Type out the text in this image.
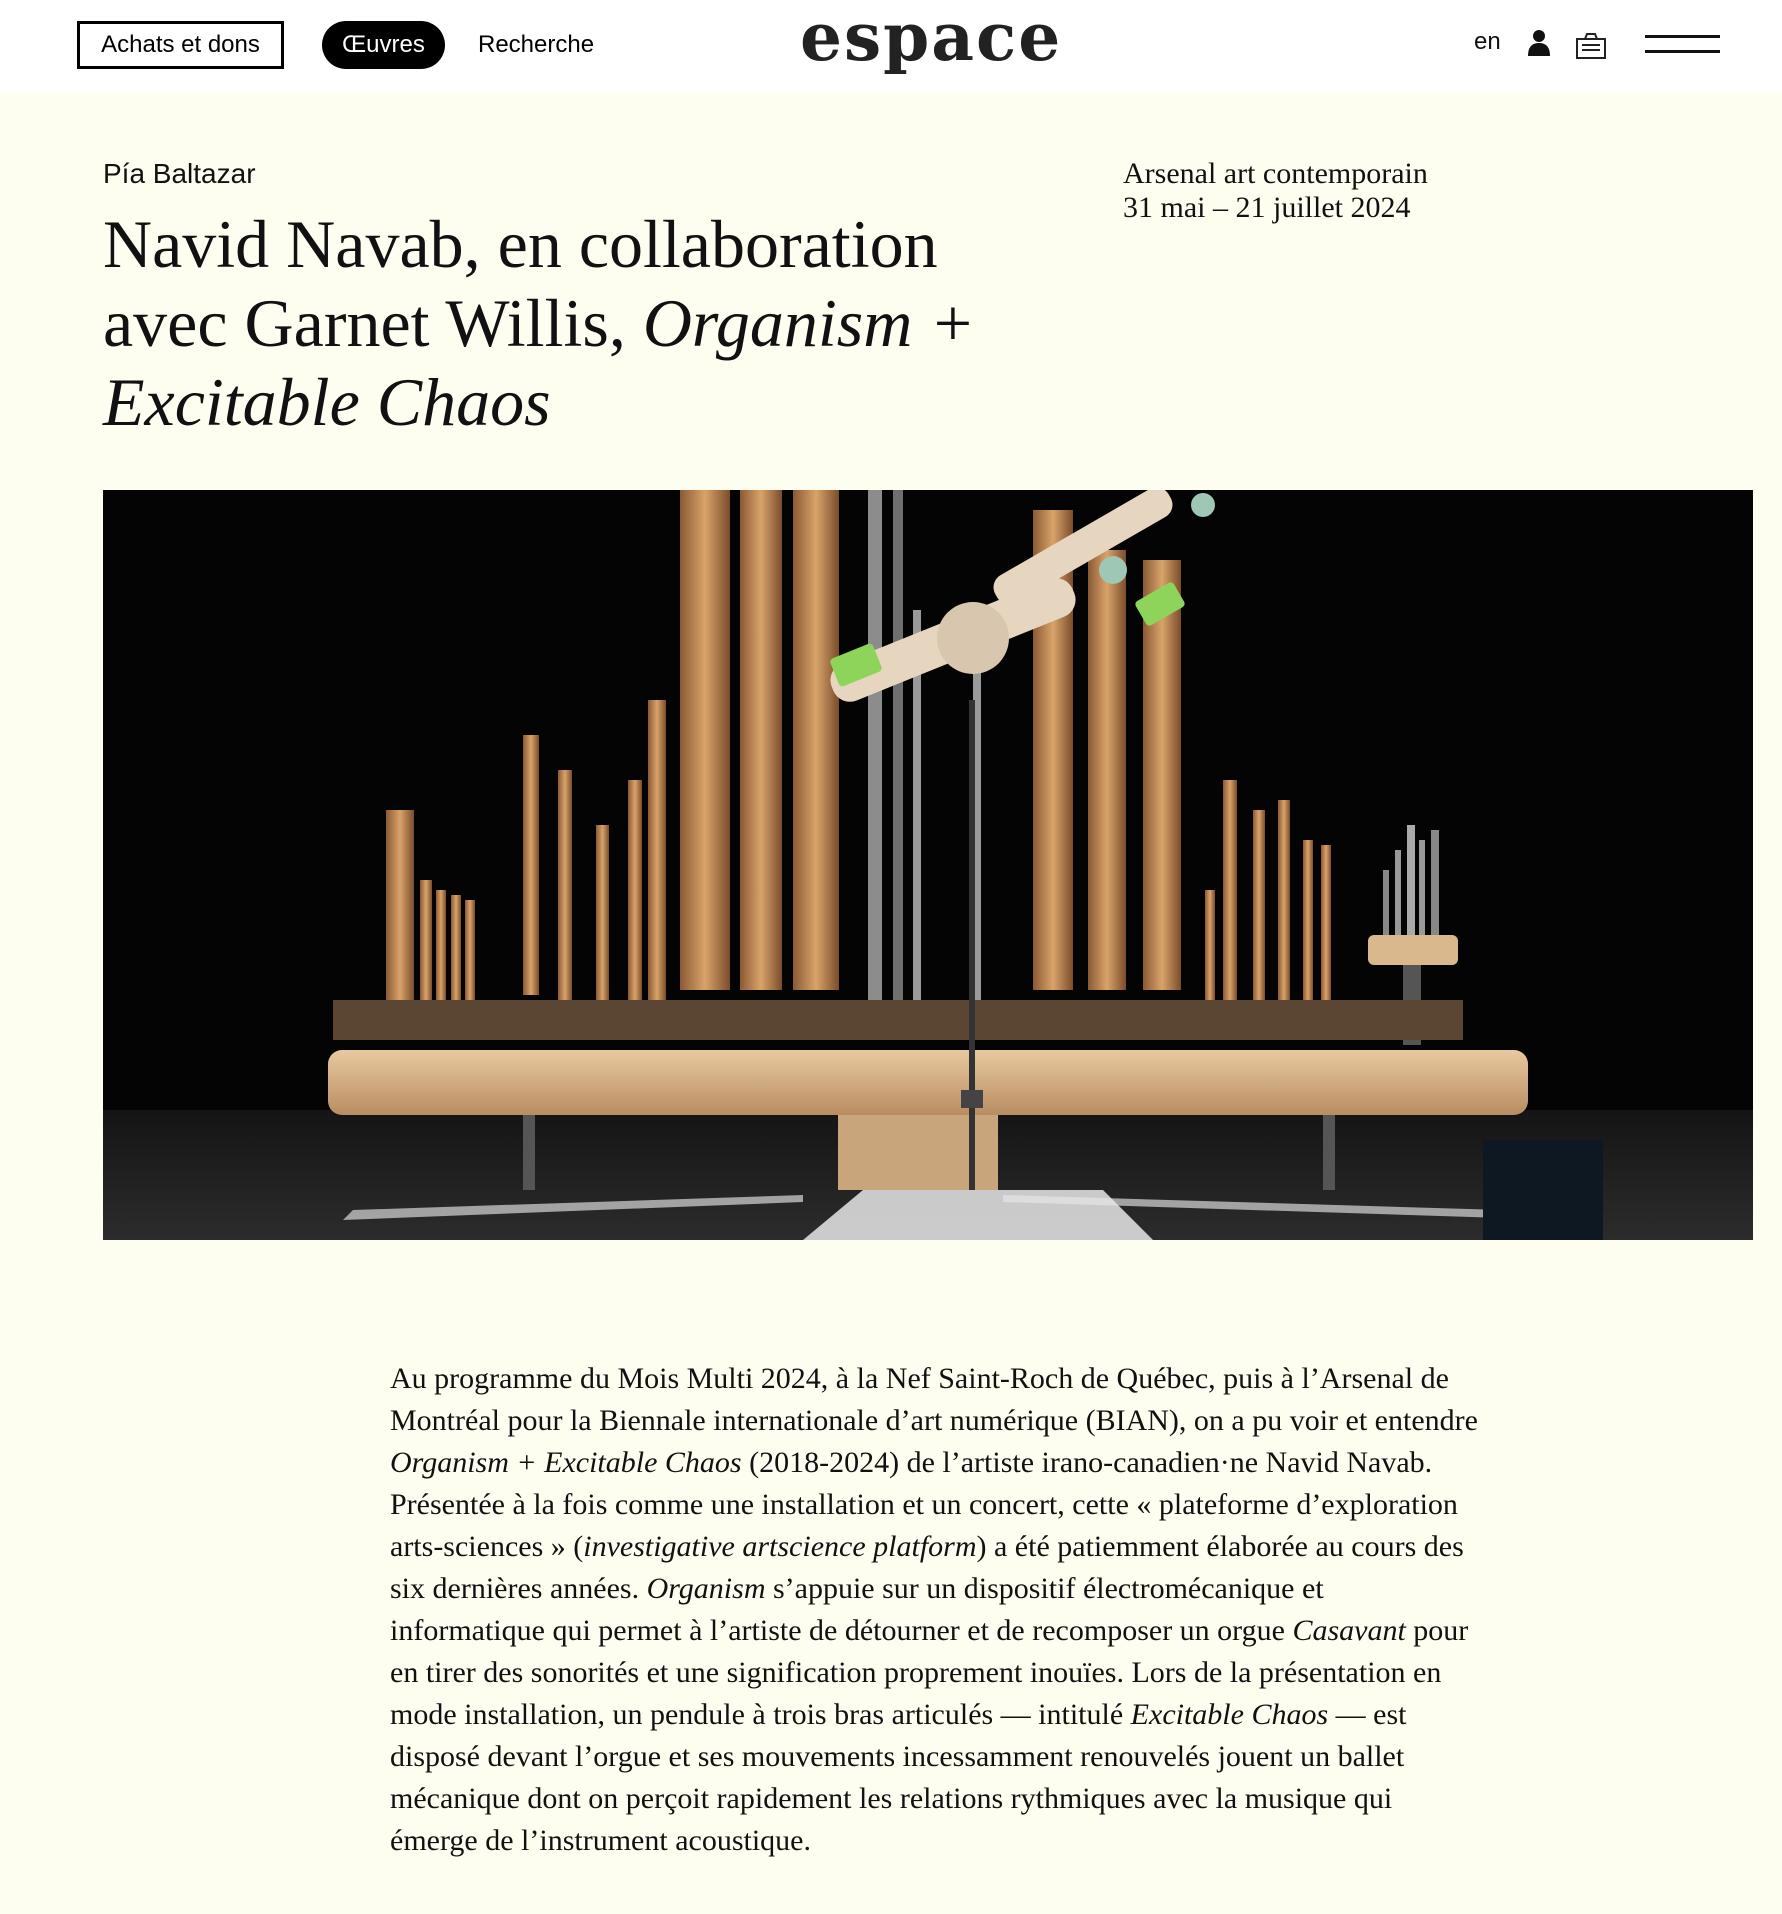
Achats et dons	Œuvres	Recherche	espace	en
Pía Baltazar
Navid Navab, en collaboration avec Garnet Willis, Organism + Excitable Chaos
Arsenal art contemporain
31 mai – 21 juillet 2024

Au programme du Mois Multi 2024, à la Nef Saint-Roch de Québec, puis à l’Arsenal de Montréal pour la Biennale internationale d’art numérique (BIAN), on a pu voir et entendre Organism + Excitable Chaos (2018-2024) de l’artiste irano-canadien·ne Navid Navab. Présentée à la fois comme une installation et un concert, cette « plateforme d’exploration arts-sciences » (investigative artscience platform) a été patiemment élaborée au cours des six dernières années. Organism s’appuie sur un dispositif électromécanique et informatique qui permet à l’artiste de détourner et de recomposer un orgue Casavant pour en tirer des sonorités et une signification proprement inouïes. Lors de la présentation en mode installation, un pendule à trois bras articulés — intitulé Excitable Chaos — est disposé devant l’orgue et ses mouvements incessamment renouvelés jouent un ballet mécanique dont on perçoit rapidement les relations rythmiques avec la musique qui émerge de l’instrument acoustique.
